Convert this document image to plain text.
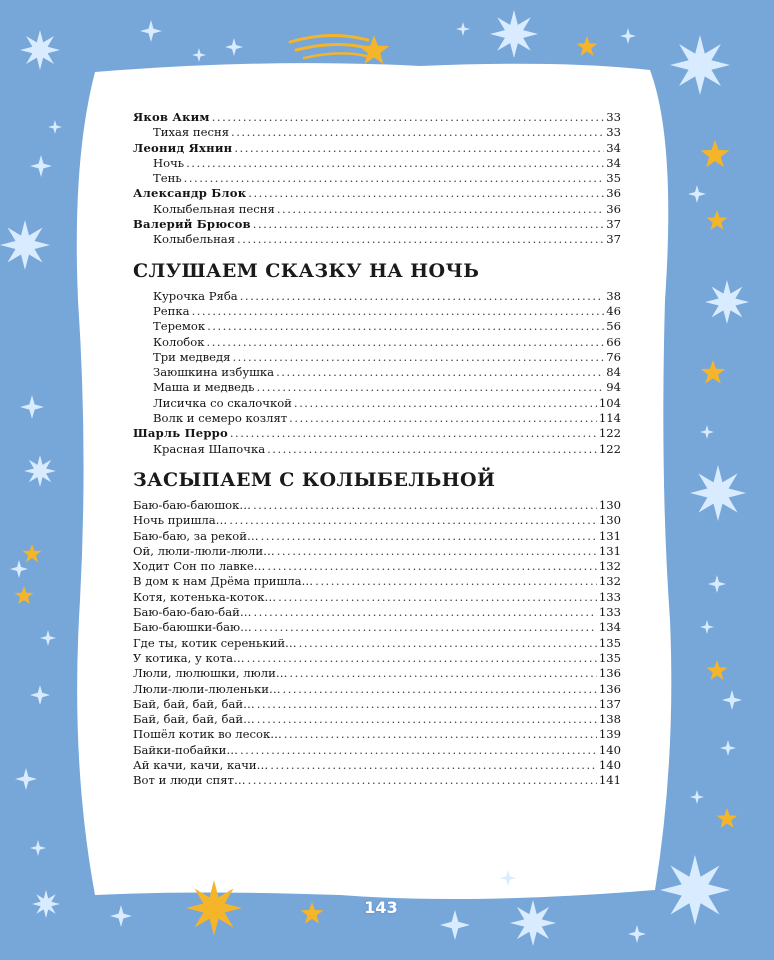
Яков Аким .....	33
Тихая песня .....	33
Леонид Яхнин .....	34
Ночь .....	34
Тень .....	35
Александр Блок .....	36
Колыбельная песня .....	36
Валерий Брюсов .....	37
Колыбельная .....	37
СЛУШАЕМ СКАЗКУ НА НОЧЬ
Курочка Ряба .....	38
Репка .....	46
Теремок .....	56
Колобок .....	66
Три медведя .....	76
Заюшкина избушка .....	84
Маша и медведь .....	94
Лисичка со скалочкой .....	104
Волк и семеро козлят .....	114
Шарль Перро .....	122
Красная Шапочка .....	122
ЗАСЫПАЕМ С КОЛЫБЕЛЬНОЙ
Баю-баю-баюшок… .....	130
Ночь пришла… .....	130
Баю-баю, за рекой… .....	131
Ой, люли-люли-люли… .....	131
Ходит Сон по лавке… .....	132
В дом к нам Дрёма пришла… .....	132
Котя, котенька-коток… .....	133
Баю-баю-баю-бай… .....	133
Баю-баюшки-баю… .....	134
Где ты, котик серенький… .....	135
У котика, у кота… .....	135
Люли, люлюшки, люли… .....	136
Люли-люли-люленьки… .....	136
Бай, бай, бай, бай… .....	137
Бай, бай, бай, бай… .....	138
Пошёл котик во лесок… .....	139
Байки-побайки… .....	140
Ай качи, качи, качи… .....	140
Вот и люди спят… .....	141
143
